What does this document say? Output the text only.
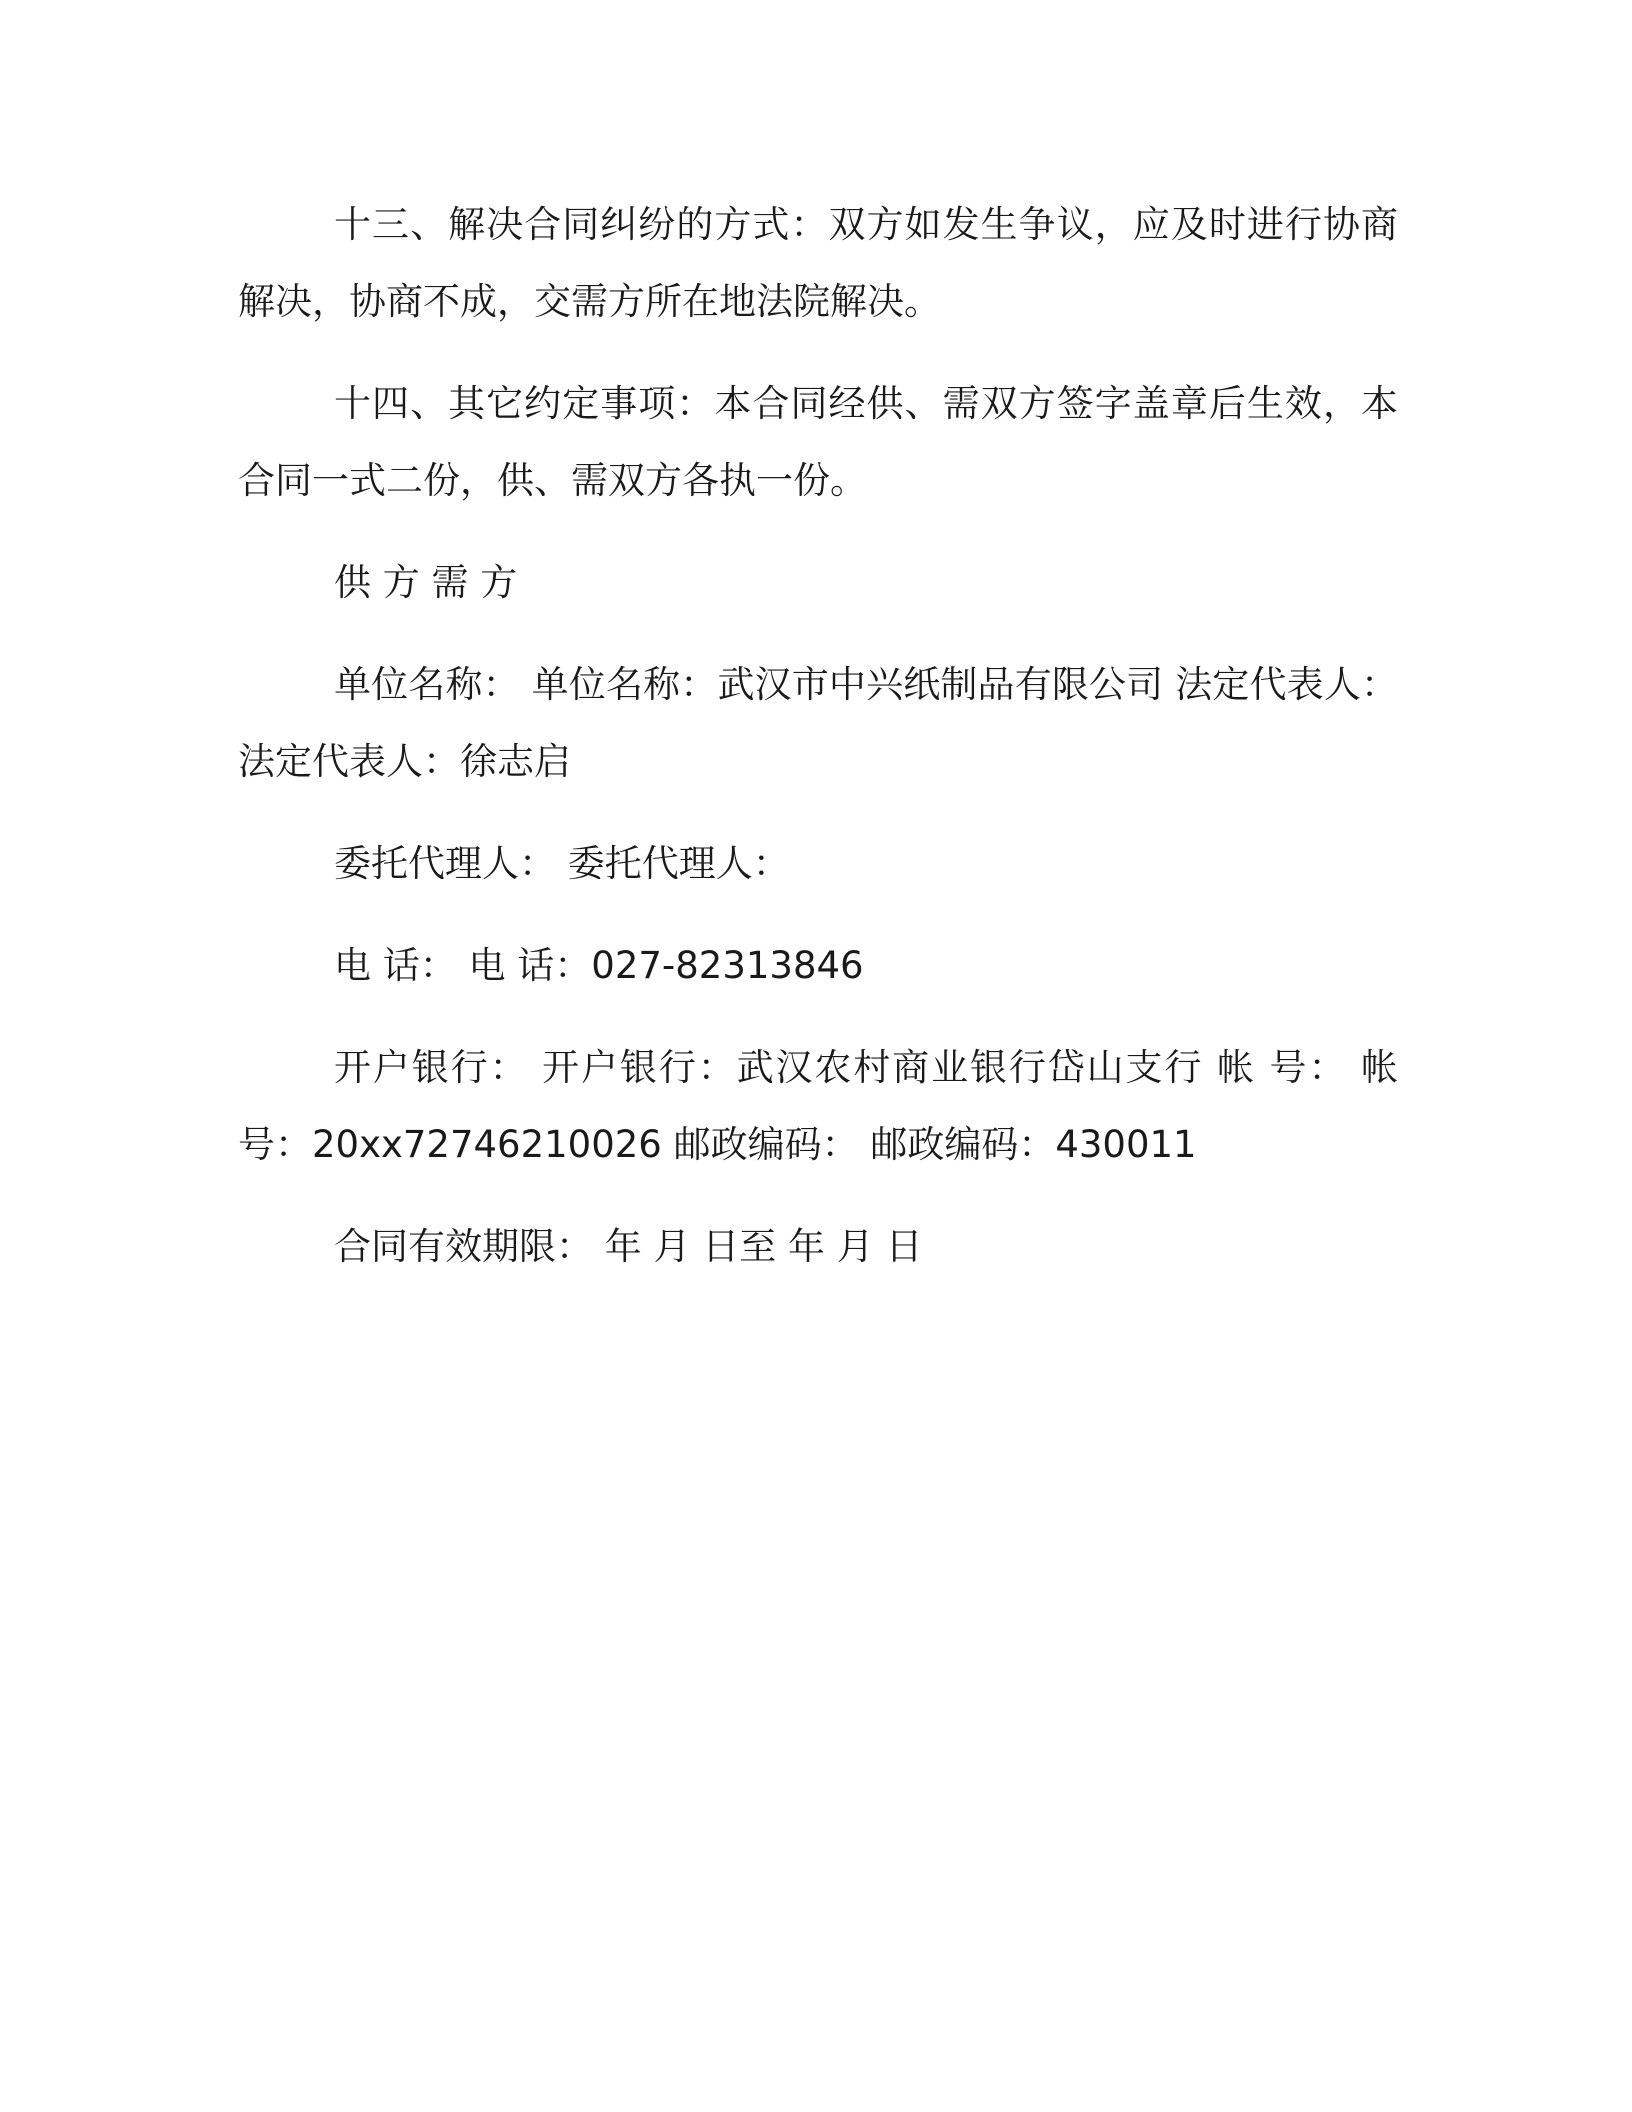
十三、解决合同纠纷的方式：双方如发生争议，应及时进行协商解决，协商不成，交需方所在地法院解决。

十四、其它约定事项：本合同经供、需双方签字盖章后生效，本合同一式二份，供、需双方各执一份。

供 方 需 方

单位名称： 单位名称：武汉市中兴纸制品有限公司 法定代表人：法定代表人：徐志启

委托代理人： 委托代理人：

电 话： 电 话：027-82313846

开户银行： 开户银行：武汉农村商业银行岱山支行 帐 号： 帐 号：20xx72746210026 邮政编码： 邮政编码：430011

合同有效期限： 年 月 日至 年 月 日
